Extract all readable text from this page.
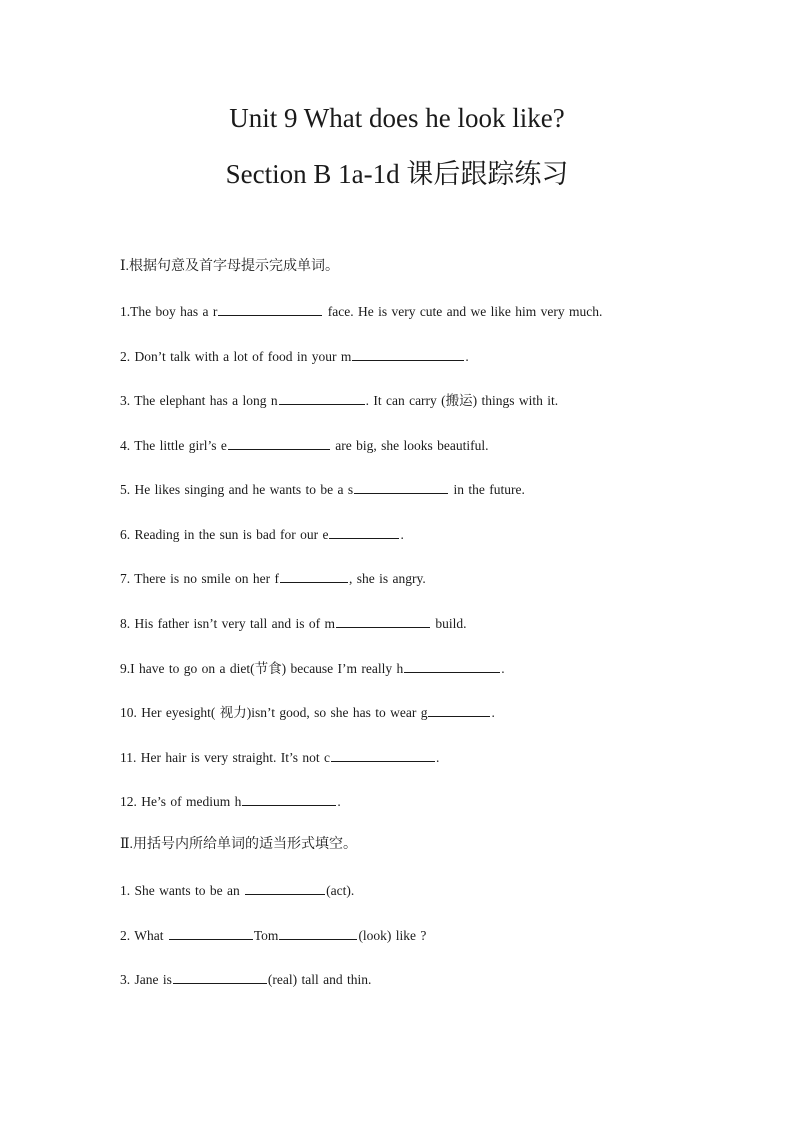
Unit 9 What does he look like?
Section B 1a-1d 课后跟踪练习
Ⅰ.根据句意及首字母提示完成单词。
1.The boy has a r	face. He is very cute and we like him very much.
2. Don’t talk with a lot of food in your m	.
3. The elephant has a long n	. It can carry (搬运) things with it.
4. The little girl’s e	are big, she looks beautiful.
5. He likes singing and he wants to be a s	in the future.
6. Reading in the sun is bad for our e	.
7. There is no smile on her f	, she is angry.
8. His father isn’t very tall and is of m	build.
9.I have to go on a diet(节食) because I’m really h	.
10. Her eyesight( 视力)isn’t good, so she has to wear g	.
11. Her hair is very straight. It’s not c	.
12. He’s of medium h	.
Ⅱ.用括号内所给单词的适当形式填空。
1. She wants to be an	(act).
2. What	Tom	(look) like ?
3. Jane is	(real) tall and thin.
